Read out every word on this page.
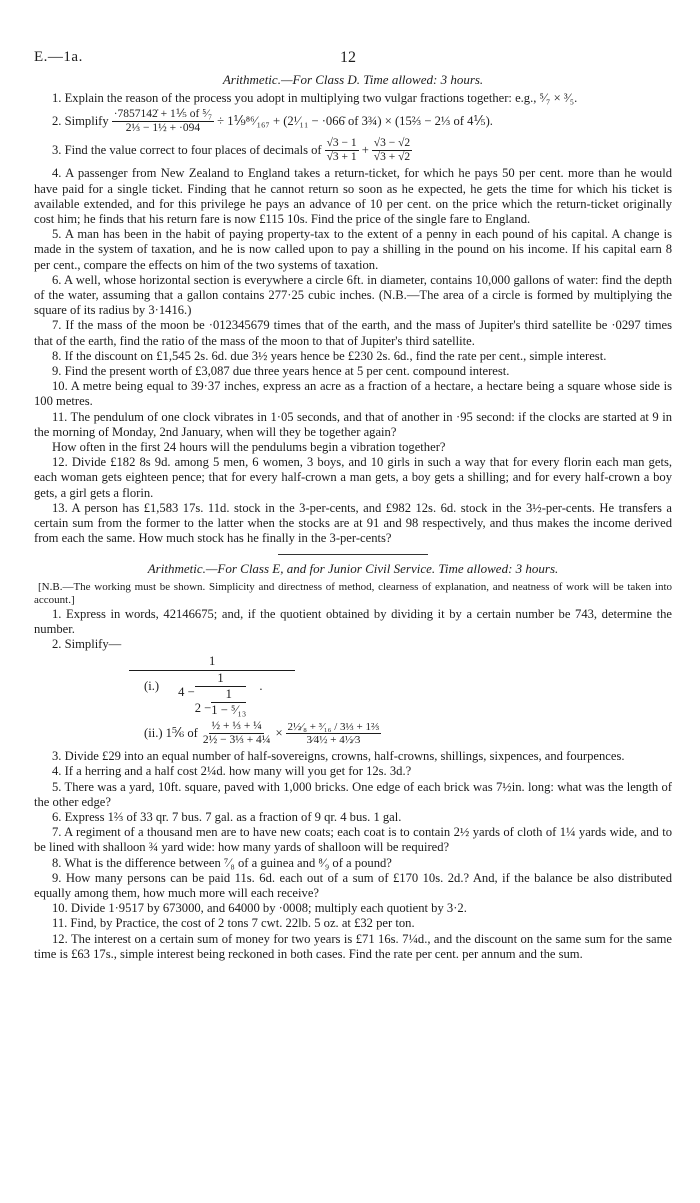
E.—1a.	12
Arithmetic.—For Class D. Time allowed: 3 hours.

1. Explain the reason of the process you adopt in multiplying two vulgar fractions together: e.g., ⁵⁄₇ × ³⁄₅.

2. Simplify $\frac{\text{·7857142̇ + 1⅕ of ⁵⁄₇}}{\text{2⅓ − 1½ + ·094}}$ ÷ 1⅑⁸⁶⁄₁₆₇ + (2¹⁄₁₁ − ·066̇ of 3¾) × (15⅔ − 2⅓ of 4⅕).
3. Find the value correct to four places of decimals of $\frac{√3 - 1}{√3 + 1} + \frac{√3 - √2}{√3 + √2}$

4. A passenger from New Zealand to England takes a return-ticket, for which he pays 50 per cent. more than he would have paid for a single ticket. Finding that he cannot return so soon as he expected, he gets the time for which his ticket is available extended, and for this privilege he pays an advance of 10 per cent. on the price which the return-ticket originally cost him; he finds that his return fare is now £115 10s. Find the price of the single fare to England.

5. A man has been in the habit of paying property-tax to the extent of a penny in each pound of his capital. A change is made in the system of taxation, and he is now called upon to pay a shilling in the pound on his income. If his capital earn 8 per cent., compare the effects on him of the two systems of taxation.

6. A well, whose horizontal section is everywhere a circle 6ft. in diameter, contains 10,000 gallons of water: find the depth of the water, assuming that a gallon contains 277·25 cubic inches. (N.B.—The area of a circle is formed by multiplying the square of its radius by 3·1416.)

7. If the mass of the moon be ·012345679 times that of the earth, and the mass of Jupiter's third satellite be ·0297 times that of the earth, find the ratio of the mass of the moon to that of Jupiter's third satellite.

8. If the discount on £1,545 2s. 6d. due 3½ years hence be £230 2s. 6d., find the rate per cent., simple interest.

9. Find the present worth of £3,087 due three years hence at 5 per cent. compound interest.

10. A metre being equal to 39·37 inches, express an acre as a fraction of a hectare, a hectare being a square whose side is 100 metres.

11. The pendulum of one clock vibrates in 1·05 seconds, and that of another in ·95 second: if the clocks are started at 9 in the morning of Monday, 2nd January, when will they be together again?

How often in the first 24 hours will the pendulums begin a vibration together?

12. Divide £182 8s 9d. among 5 men, 6 women, 3 boys, and 10 girls in such a way that for every florin each man gets, each woman gets eighteen pence; that for every half-crown a man gets, a boy gets a shilling; and for every half-crown a boy gets, a girl gets a florin.

13. A person has £1,583 17s. 11d. stock in the 3-per-cents, and £982 12s. 6d. stock in the 3½-per-cents. He transfers a certain sum from the former to the latter when the stocks are at 91 and 98 respectively, and thus makes the income derived from each the same. How much stock has he finally in the 3-per-cents?

Arithmetic.—For Class E, and for Junior Civil Service. Time allowed: 3 hours.

[N.B.—The working must be shown. Simplicity and directness of method, clearness of explanation, and neatness of work will be taken into account.]

1. Express in words, 42146675; and, if the quotient obtained by dividing it by a certain number be 743, determine the number.

2. Simplify—

(i.)
1
$4 - \frac{1}{2 - \frac{1}{\text{1 − ⁵⁄₁₃}}}$ .
(ii.) 1⅚ of $\frac{\text{½ + ⅓ + ¼}}{\text{2½ − 3⅓ + 4¼}} \times \frac{\text{2½⁄₈ + ³⁄₁₆ / 3⅓ + 1⅔}}{\text{3⁄4½ + 4½⁄3}}$

3. Divide £29 into an equal number of half-sovereigns, crowns, half-crowns, shillings, sixpences, and fourpences.

4. If a herring and a half cost 2¼d. how many will you get for 12s. 3d.?

5. There was a yard, 10ft. square, paved with 1,000 bricks. One edge of each brick was 7½in. long: what was the length of the other edge?

6. Express 1⅔ of 33 qr. 7 bus. 7 gal. as a fraction of 9 qr. 4 bus. 1 gal.

7. A regiment of a thousand men are to have new coats; each coat is to contain 2½ yards of cloth of 1¼ yards wide, and to be lined with shalloon ¾ yard wide: how many yards of shalloon will be required?

8. What is the difference between ⁷⁄₈ of a guinea and ⁸⁄₉ of a pound?

9. How many persons can be paid 11s. 6d. each out of a sum of £170 10s. 2d.? And, if the balance be also distributed equally among them, how much more will each receive?

10. Divide 1·9517 by 673000, and 64000 by ·0008; multiply each quotient by 3·2.

11. Find, by Practice, the cost of 2 tons 7 cwt. 22lb. 5 oz. at £32 per ton.

12. The interest on a certain sum of money for two years is £71 16s. 7¼d., and the discount on the same sum for the same time is £63 17s., simple interest being reckoned in both cases. Find the rate per cent. per annum and the sum.
